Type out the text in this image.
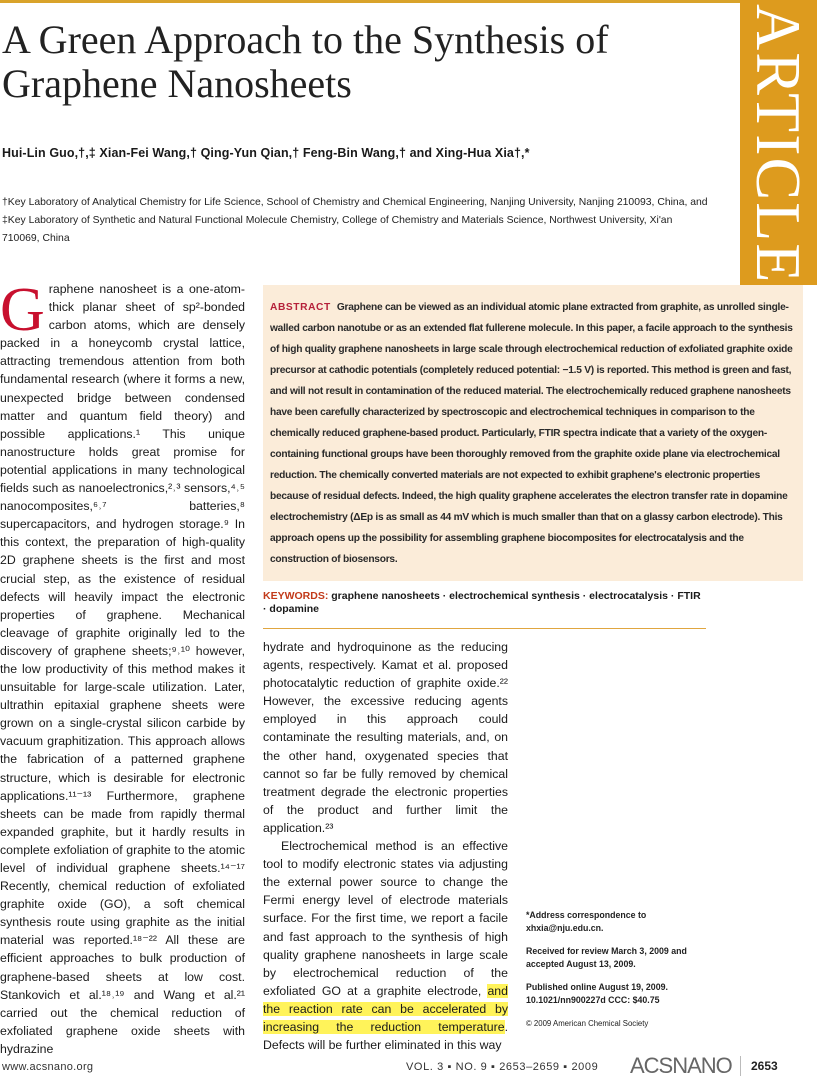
ARTICLE
A Green Approach to the Synthesis of Graphene Nanosheets
Hui-Lin Guo,†,‡ Xian-Fei Wang,† Qing-Yun Qian,† Feng-Bin Wang,† and Xing-Hua Xia†,*
†Key Laboratory of Analytical Chemistry for Life Science, School of Chemistry and Chemical Engineering, Nanjing University, Nanjing 210093, China, and ‡Key Laboratory of Synthetic and Natural Functional Molecule Chemistry, College of Chemistry and Materials Science, Northwest University, Xi'an 710069, China
Graphene nanosheet is a one-atom-thick planar sheet of sp²-bonded carbon atoms, which are densely packed in a honeycomb crystal lattice, attracting tremendous attention from both fundamental research (where it forms a new, unexpected bridge between condensed matter and quantum field theory) and possible applications.¹ This unique nanostructure holds great promise for potential applications in many technological fields such as nanoelectronics,²˒³ sensors,⁴˒⁵ nanocomposites,⁶˒⁷ batteries,⁸ supercapacitors, and hydrogen storage.⁹ In this context, the preparation of high-quality 2D graphene sheets is the first and most crucial step, as the existence of residual defects will heavily impact the electronic properties of graphene. Mechanical cleavage of graphite originally led to the discovery of graphene sheets;⁹˒¹⁰ however, the low productivity of this method makes it unsuitable for large-scale utilization. Later, ultrathin epitaxial graphene sheets were grown on a single-crystal silicon carbide by vacuum graphitization. This approach allows the fabrication of a patterned graphene structure, which is desirable for electronic applications.¹¹⁻¹³ Furthermore, graphene sheets can be made from rapidly thermal expanded graphite, but it hardly results in complete exfoliation of graphite to the atomic level of individual graphene sheets.¹⁴⁻¹⁷ Recently, chemical reduction of exfoliated graphite oxide (GO), a soft chemical synthesis route using graphite as the initial material was reported.¹⁸⁻²² All these are efficient approaches to bulk production of graphene-based sheets at low cost. Stankovich et al.¹⁸˒¹⁹ and Wang et al.²¹ carried out the chemical reduction of exfoliated graphene oxide sheets with hydrazine
ABSTRACT Graphene can be viewed as an individual atomic plane extracted from graphite, as unrolled single-walled carbon nanotube or as an extended flat fullerene molecule. In this paper, a facile approach to the synthesis of high quality graphene nanosheets in large scale through electrochemical reduction of exfoliated graphite oxide precursor at cathodic potentials (completely reduced potential: −1.5 V) is reported. This method is green and fast, and will not result in contamination of the reduced material. The electrochemically reduced graphene nanosheets have been carefully characterized by spectroscopic and electrochemical techniques in comparison to the chemically reduced graphene-based product. Particularly, FTIR spectra indicate that a variety of the oxygen-containing functional groups have been thoroughly removed from the graphite oxide plane via electrochemical reduction. The chemically converted materials are not expected to exhibit graphene's electronic properties because of residual defects. Indeed, the high quality graphene accelerates the electron transfer rate in dopamine electrochemistry (ΔEp is as small as 44 mV which is much smaller than that on a glassy carbon electrode). This approach opens up the possibility for assembling graphene biocomposites for electrocatalysis and the construction of biosensors.
KEYWORDS: graphene nanosheets · electrochemical synthesis · electrocatalysis · FTIR · dopamine

hydrate and hydroquinone as the reducing agents, respectively. Kamat et al. proposed photocatalytic reduction of graphite oxide.²² However, the excessive reducing agents employed in this approach could contaminate the resulting materials, and, on the other hand, oxygenated species that cannot so far be fully removed by chemical treatment degrade the electronic properties of the product and further limit the application.²³

Electrochemical method is an effective tool to modify electronic states via adjusting the external power source to change the Fermi energy level of electrode materials surface. For the first time, we report a facile and fast approach to the synthesis of high quality graphene nanosheets in large scale by electrochemical reduction of the exfoliated GO at a graphite electrode, and the reaction rate can be accelerated by increasing the reduction temperature. Defects will be further eliminated in this way

*Address correspondence to xhxia@nju.edu.cn.
Received for review March 3, 2009 and accepted August 13, 2009.
Published online August 19, 2009. 10.1021/nn900227d CCC: $40.75
© 2009 American Chemical Society
www.acsnano.org	VOL. 3 ▪ NO. 9 ▪ 2653–2659 ▪ 2009 ACSNANO 2653
